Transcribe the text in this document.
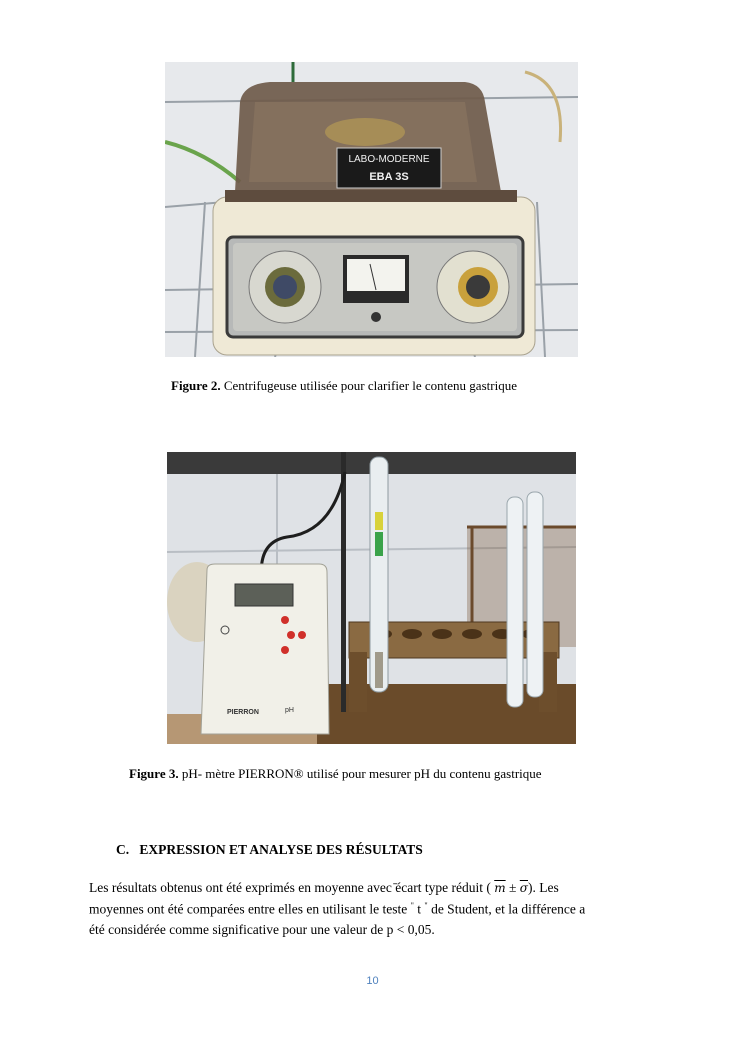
LABO-MODERNE
EBA 3S
Figure 2. Centrifugeuse utilisée pour clarifier le contenu gastrique
PIERRON	pH
Figure 3. pH- mètre PIERRON® utilisé pour mesurer pH du contenu gastrique
C. EXPRESSION ET ANALYSE DES RÉSULTATS
Les résultats obtenus ont été exprimés en moyenne avec ̄écart type réduit ( $\overline{m} \pm \overline{\sigma}$). Les
moyennes ont été comparées entre elles en utilisant le teste " t " de Student, et la différence a
été considérée comme significative pour une valeur de p < 0,05.
10
